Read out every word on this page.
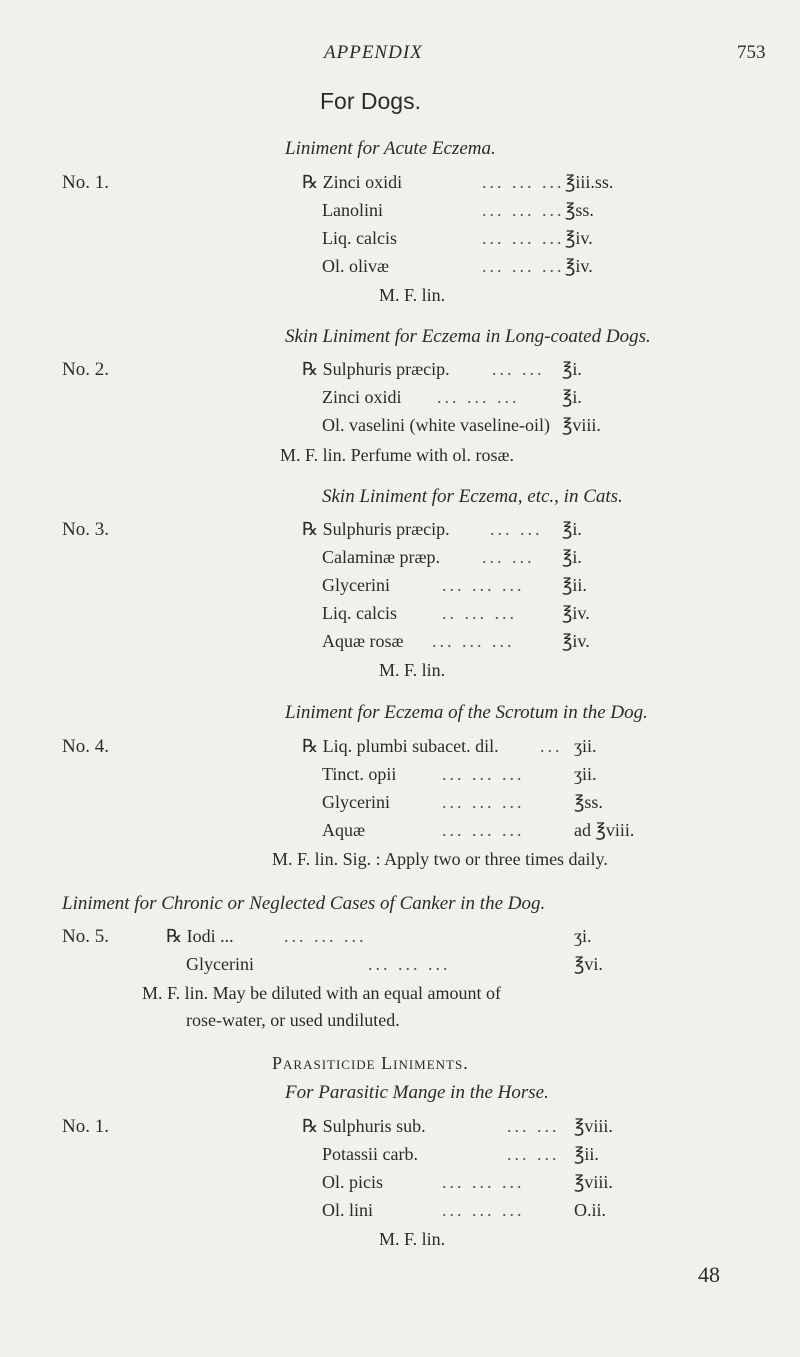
APPENDIX	753
For Dogs.
Liniment for Acute Eczema.
No. 1.	℞ Zinci oxidi	... ... ... ℥iii.ss.
Lanolini	... ... ... ℥ss.
Liq. calcis	... ... ... ℥iv.
Ol. olivæ	... ... ... ℥iv.
M. F. lin.
Skin Liniment for Eczema in Long-coated Dogs.
No. 2.	℞ Sulphuris præcip. ... ... ℥i.
Zinci oxidi ... ... ... ℥i.
Ol. vaselini (white vaseline-oil) ℥viii.
M. F. lin. Perfume with ol. rosæ.
Skin Liniment for Eczema, etc., in Cats.
No. 3.	℞ Sulphuris præcip. ... ... ℥i.
Calaminæ præp. ... ... ℥i.
Glycerini	... ... ... ℥ii.
Liq. calcis	.. ... ...	℥iv.
Aquæ rosæ ... ... ...	℥iv.
M. F. lin.
Liniment for Eczema of the Scrotum in the Dog.
No. 4.	℞ Liq. plumbi subacet. dil. ... ʒii.
Tinct. opii	... ... ...	ʒii.
Glycerini	... ... ...	℥ss.
Aquæ	... ... ...	ad ℥viii.
M. F. lin. Sig. : Apply two or three times daily.
Liniment for Chronic or Neglected Cases of Canker in the Dog.
No. 5.	℞ Iodi ...	... ... ...	ʒi.
Glycerini	... ... ...	℥vi.
M. F. lin. May be diluted with an equal amount of
rose-water, or used undiluted.
Parasiticide Liniments.
For Parasitic Mange in the Horse.
No. 1.	℞ Sulphuris sub.	... ... ℥viii.
Potassii carb.	... ... ℥ii.
Ol. picis	... ... ...	℥viii.
Ol. lini	... ... ...	O.ii.
M. F. lin.
48
